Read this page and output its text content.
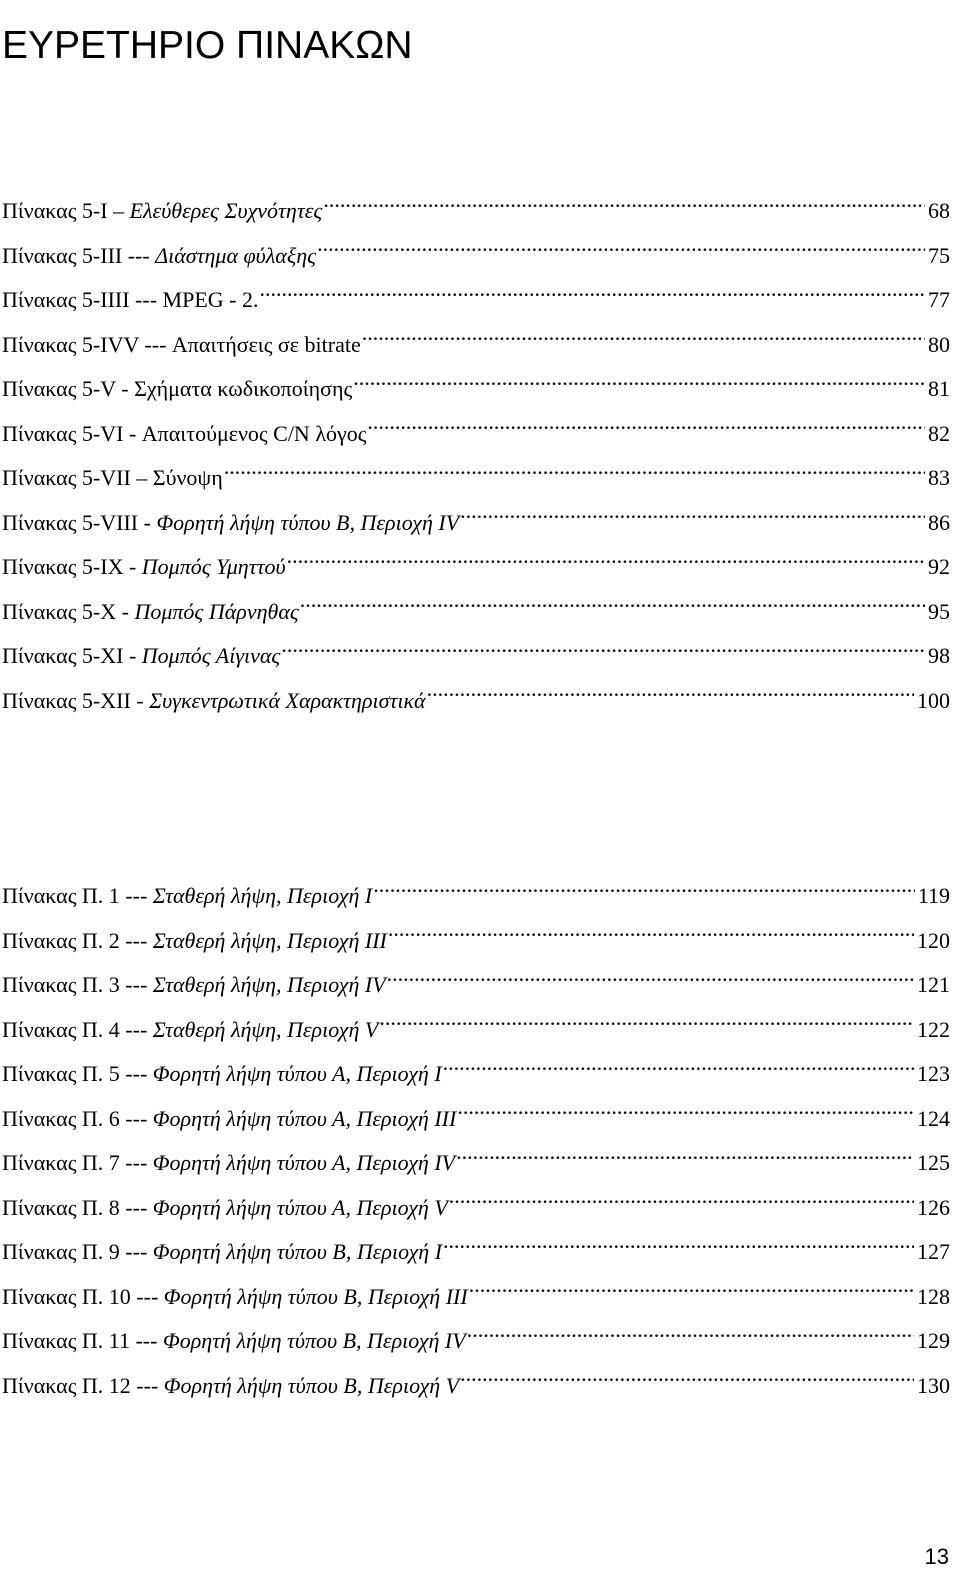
ΕΥΡΕΤΗΡΙΟ ΠΙΝΑΚΩΝ
Πίνακας 5-Ι – Ελεύθερες Συχνότητες .....	68
Πίνακας 5-ΙΙΙ --- Διάστημα φύλαξης .....	75
Πίνακας 5-ΙΙΙΙ --- MPEG - 2. .....	77
Πίνακας 5-ΙVV --- Απαιτήσεις σε bitrate .....	80
Πίνακας 5-V - Σχήματα κωδικοποίησης .....	81
Πίνακας 5-VI - Απαιτούμενος C/N λόγος .....	82
Πίνακας 5-VII – Σύνοψη .....	83
Πίνακας 5-VIII - Φορητή λήψη τύπου Β, Περιοχή IV .....	86
Πίνακας 5-ΙΧ - Πομπός Υμηττού .....	92
Πίνακας 5-Χ - Πομπός Πάρνηθας .....	95
Πίνακας 5-ΧΙ - Πομπός Αίγινας .....	98
Πίνακας 5-ΧΙΙ - Συγκεντρωτικά Χαρακτηριστικά .....	100
Πίνακας Π. 1 --- Σταθερή λήψη, Περιοχή Ι .....	119
Πίνακας Π. 2 --- Σταθερή λήψη, Περιοχή ΙΙΙ .....	120
Πίνακας Π. 3 --- Σταθερή λήψη, Περιοχή ΙV .....	121
Πίνακας Π. 4 --- Σταθερή λήψη, Περιοχή V .....	122
Πίνακας Π. 5 --- Φορητή λήψη τύπου Α, Περιοχή Ι .....	123
Πίνακας Π. 6 --- Φορητή λήψη τύπου Α, Περιοχή ΙΙΙ .....	124
Πίνακας Π. 7 --- Φορητή λήψη τύπου Α, Περιοχή ΙV .....	125
Πίνακας Π. 8 --- Φορητή λήψη τύπου Α, Περιοχή V .....	126
Πίνακας Π. 9 --- Φορητή λήψη τύπου Β, Περιοχή Ι .....	127
Πίνακας Π. 10 --- Φορητή λήψη τύπου Β, Περιοχή ΙΙΙ .....	128
Πίνακας Π. 11 --- Φορητή λήψη τύπου Β, Περιοχή ΙV .....	129
Πίνακας Π. 12 --- Φορητή λήψη τύπου Β, Περιοχή V .....	130
13
